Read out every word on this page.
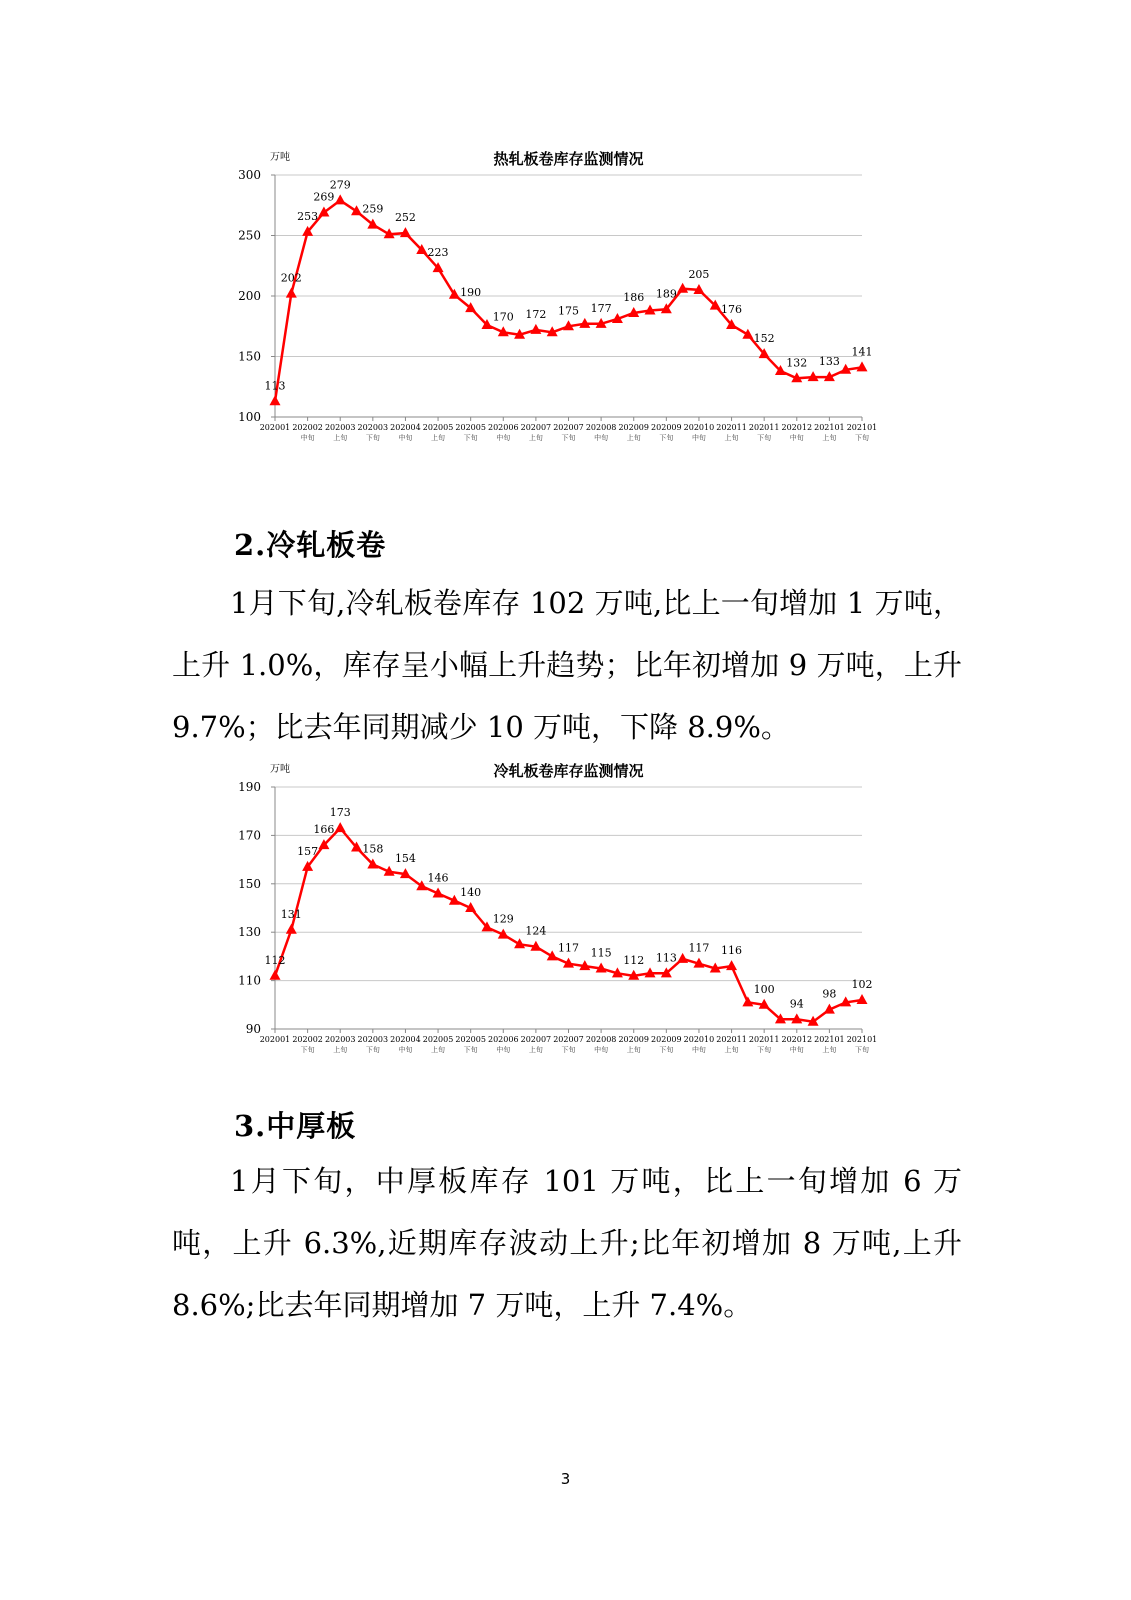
热轧板卷库存监测情况
万吨
100
150
200
250
300
202001 202002
中旬
202003
上旬
202003
下旬
202004
中旬
202005
上旬
202005
下旬
202006
中旬
202007
上旬
202007
下旬
202008
中旬
202009
上旬
202009
下旬
202010
中旬
202011
上旬
202011
下旬
202012
中旬
202101
上旬
202101
下旬
113
202
253
269
279
259
252
223
190
170 172 175 177
186 189
205
176
152
132 133
141
2.冷轧板卷

1月下旬,冷轧板卷库存 102 万吨,比上一旬增加 1 万吨，上升 1.0%，库存呈小幅上升趋势；比年初增加 9 万吨，上升 9.7%；比去年同期减少 10 万吨，下降 8.9%。

冷轧板卷库存监测情况
万吨
90
110
130
150
170
190
202001 202002
下旬
202003
上旬
202003
下旬
202004
中旬
202005
上旬
202005
下旬
202006
中旬
202007
上旬
202007
下旬
202008
中旬
202009
上旬
202009
下旬
202010
中旬
202011
上旬
202011
下旬
202012
中旬
202101
上旬
202101
下旬
112
131
157
166
173
158
154
146
140
129
124
117 115
112 113
117 116
100
94
98
102
3.中厚板

1月下旬，中厚板库存 101 万吨，比上一旬增加 6 万吨，上升 6.3%,近期库存波动上升;比年初增加 8 万吨,上升 8.6%;比去年同期增加 7 万吨，上升 7.4%。

3
